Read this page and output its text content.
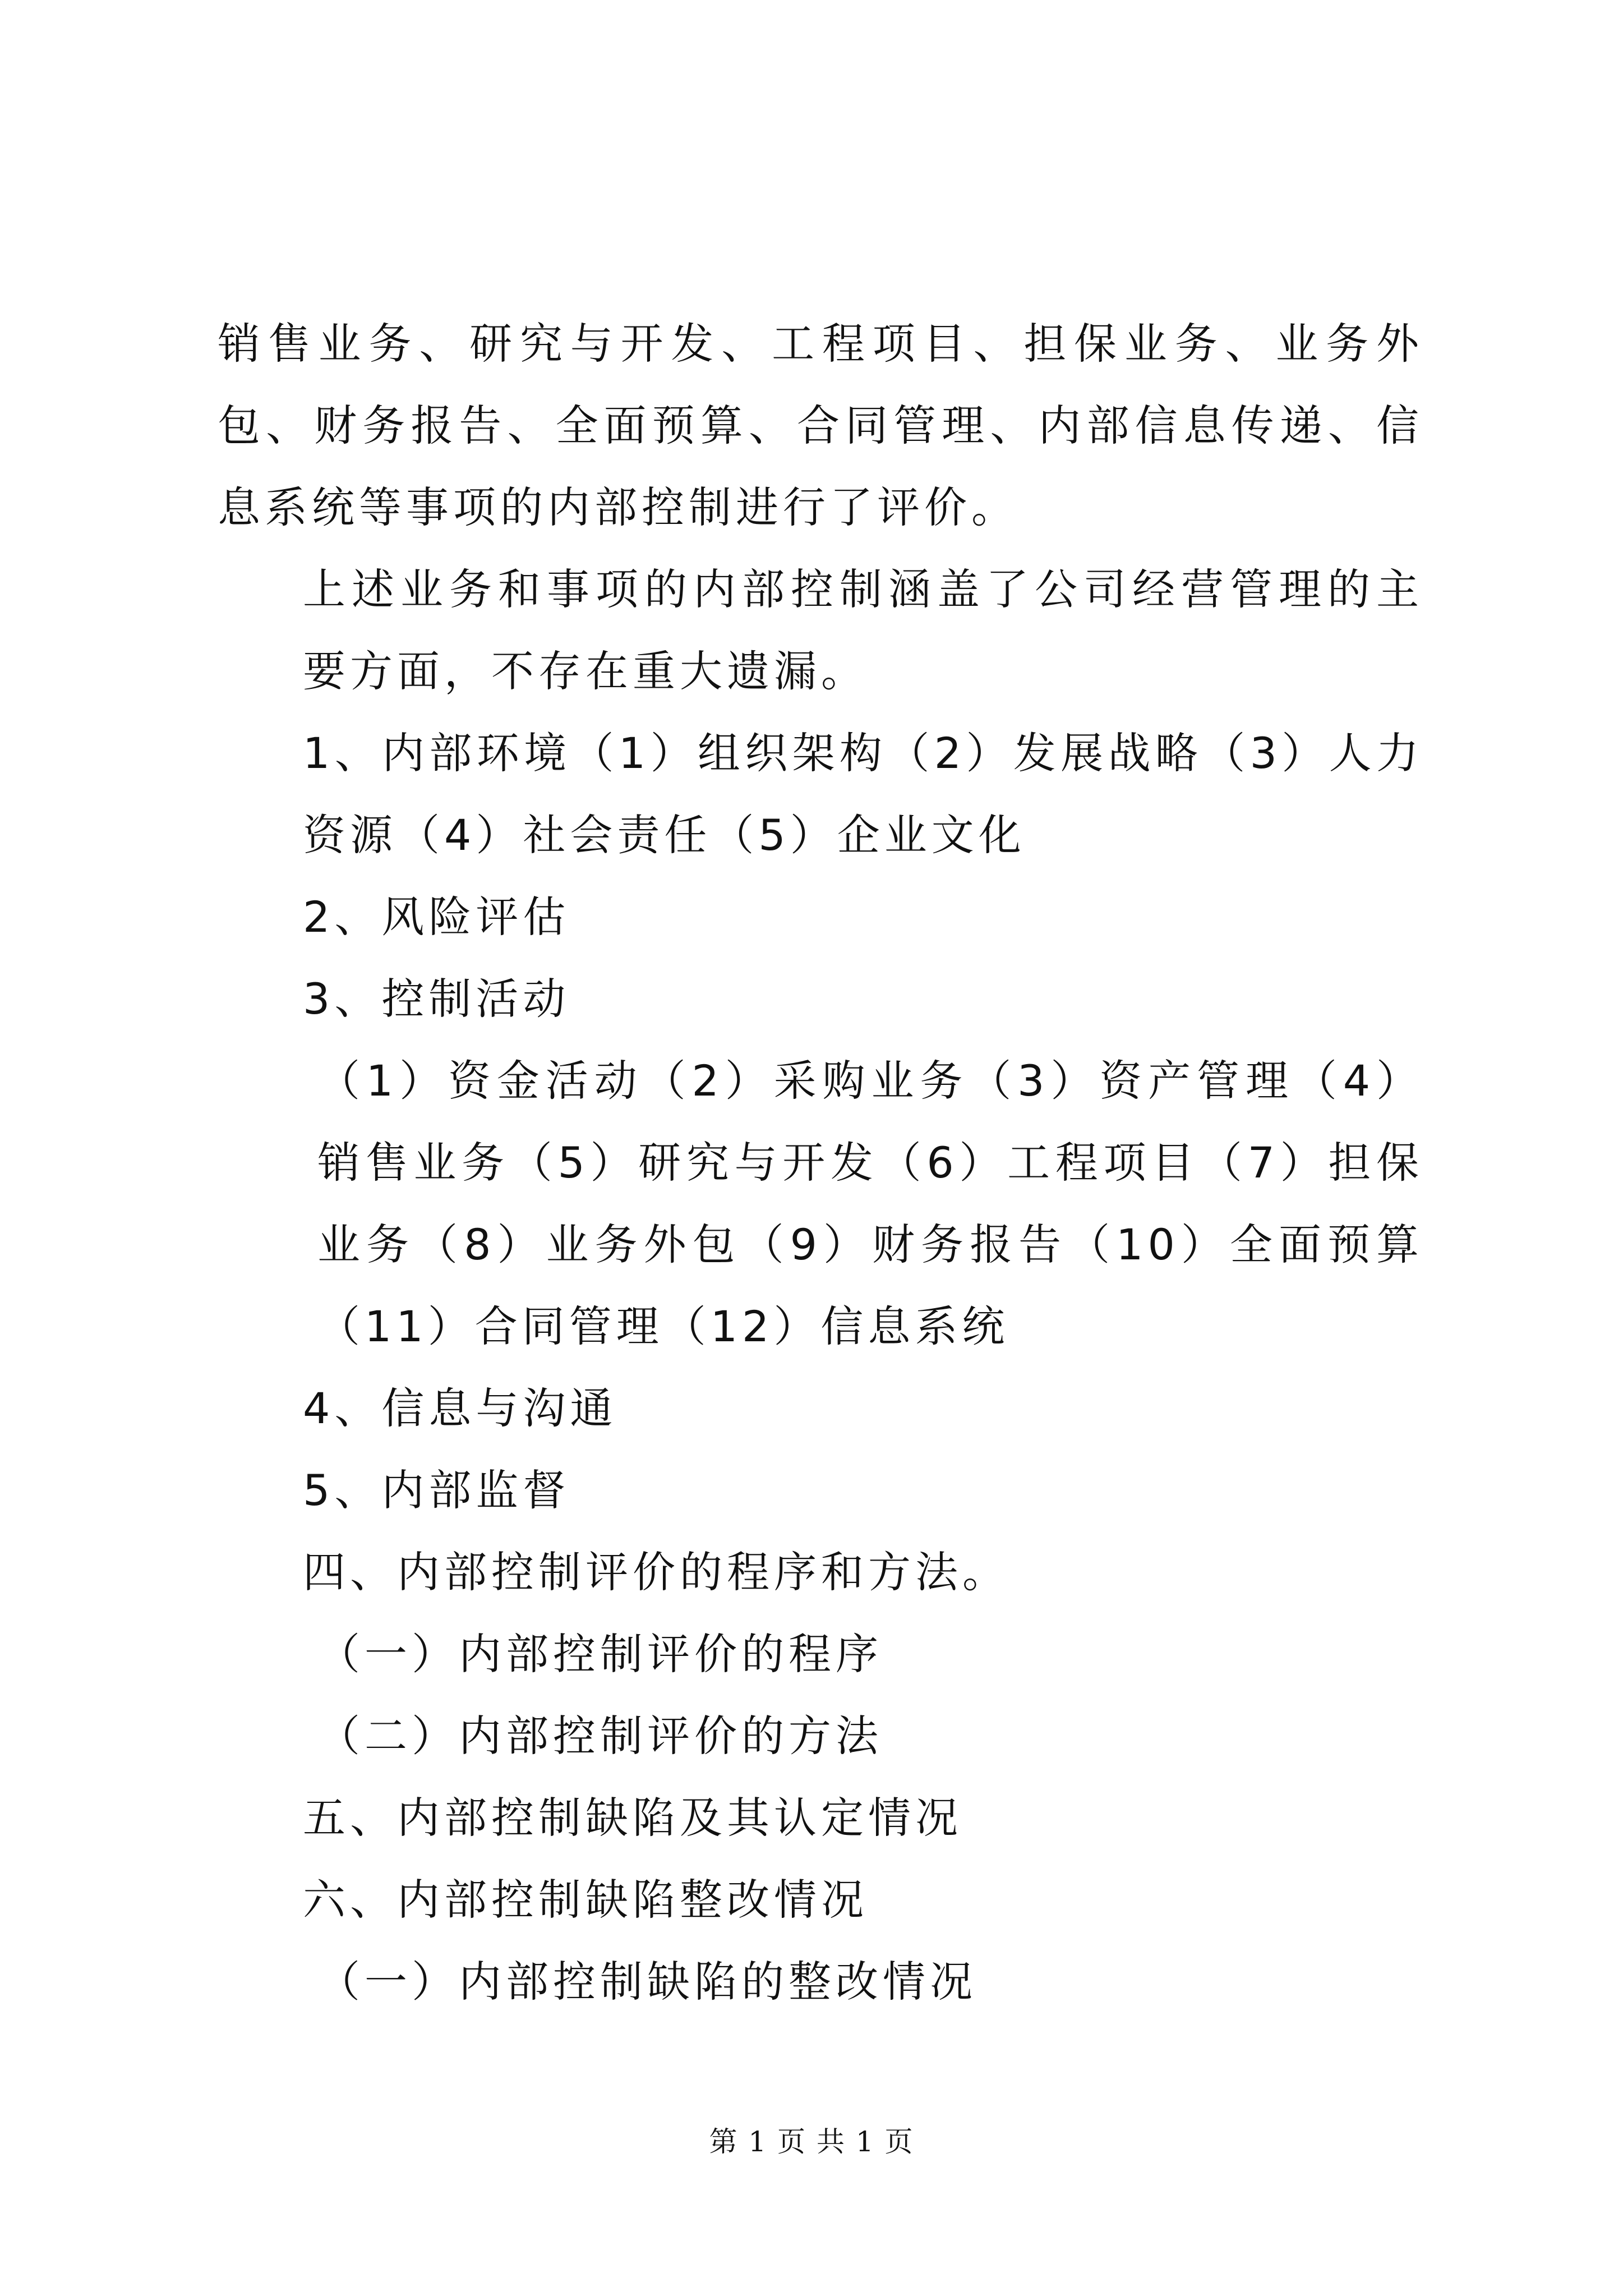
销售业务、研究与开发、工程项目、担保业务、业务外包、财务报告、全面预算、合同管理、内部信息传递、信息系统等事项的内部控制进行了评价。

上述业务和事项的内部控制涵盖了公司经营管理的主要方面，不存在重大遗漏。

1、内部环境（1）组织架构（2）发展战略（3）人力资源（4）社会责任（5）企业文化

2、风险评估

3、控制活动

（1）资金活动（2）采购业务（3）资产管理（4）销售业务（5）研究与开发（6）工程项目（7）担保业务（8）业务外包（9）财务报告（10）全面预算（11）合同管理（12）信息系统

4、信息与沟通

5、内部监督

四、内部控制评价的程序和方法。

（一）内部控制评价的程序

（二）内部控制评价的方法

五、内部控制缺陷及其认定情况

六、内部控制缺陷整改情况

（一）内部控制缺陷的整改情况

第 1 页 共 1 页
